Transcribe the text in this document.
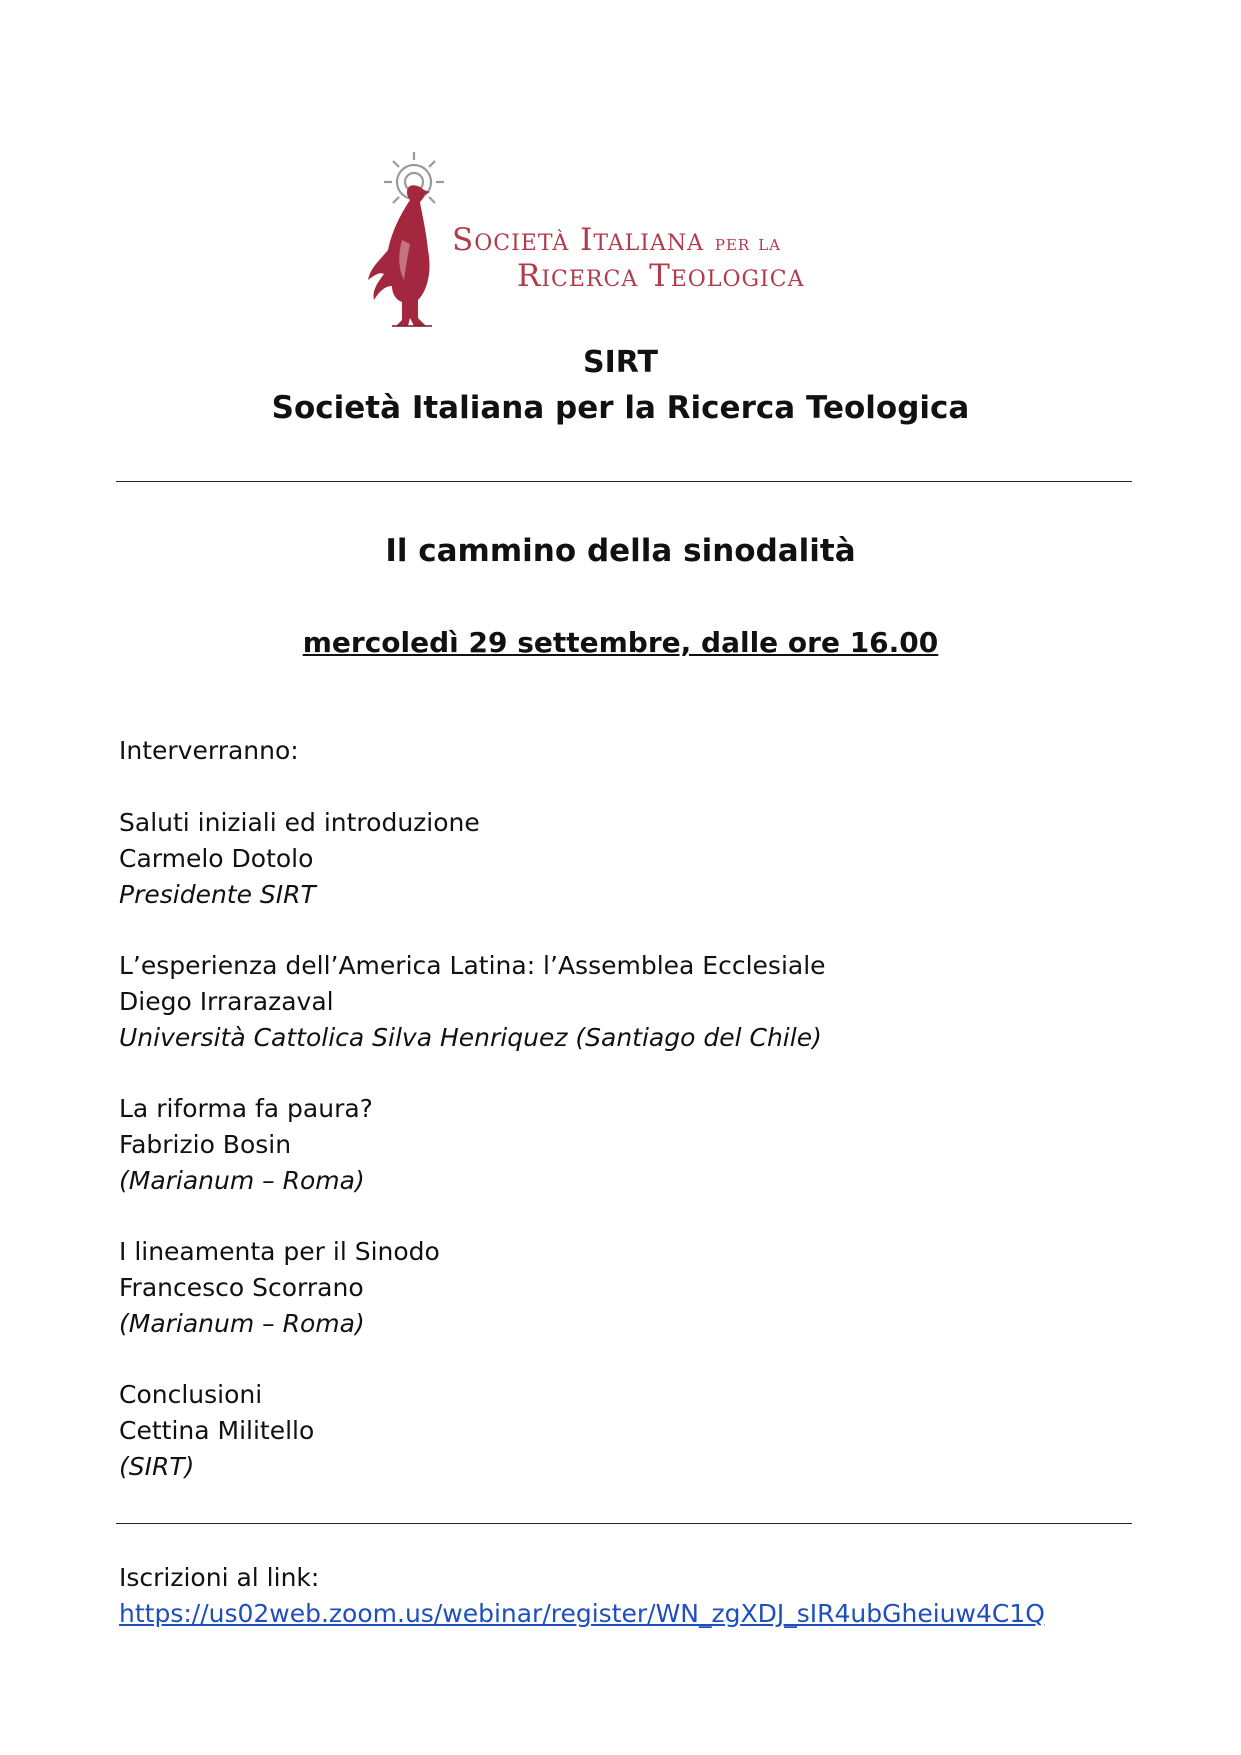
Società Italiana per la
Ricerca Teologica
SIRT
Società Italiana per la Ricerca Teologica
Il cammino della sinodalità
mercoledì 29 settembre, dalle ore 16.00
Interverranno:
Saluti iniziali ed introduzione
Carmelo Dotolo
Presidente SIRT
L’esperienza dell’America Latina: l’Assemblea Ecclesiale
Diego Irrarazaval
Università Cattolica Silva Henriquez (Santiago del Chile)
La riforma fa paura?
Fabrizio Bosin
(Marianum – Roma)
I lineamenta per il Sinodo
Francesco Scorrano
(Marianum – Roma)
Conclusioni
Cettina Militello
(SIRT)
Iscrizioni al link:
https://us02web.zoom.us/webinar/register/WN_zgXDJ_sIR4ubGheiuw4C1Q
